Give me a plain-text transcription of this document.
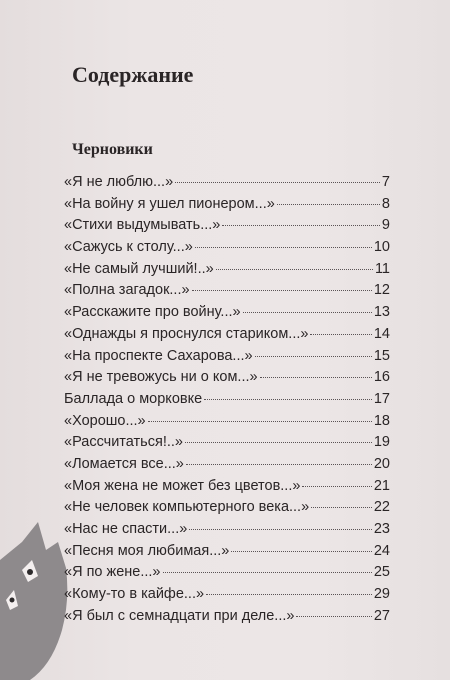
Содержание
Черновики
«Я не люблю...»	7
«На войну я ушел пионером...»	8
«Стихи выдумывать...»	9
«Сажусь к столу...»	10
«Не самый лучший!..»	11
«Полна загадок...»	12
«Расскажите про войну...»	13
«Однажды я проснулся стариком...»	14
«На проспекте Сахарова...»	15
«Я не тревожусь ни о ком...»	16
Баллада о морковке	17
«Хорошо...»	18
«Рассчитаться!..»	19
«Ломается все...»	20
«Моя жена не может без цветов...»	21
«Не человек компьютерного века...»	22
«Нас не спасти...»	23
«Песня моя любимая...»	24
«Я по жене...»	25
«Кому-то в кайфе...»	29
«Я был с семнадцати при деле...»	27
